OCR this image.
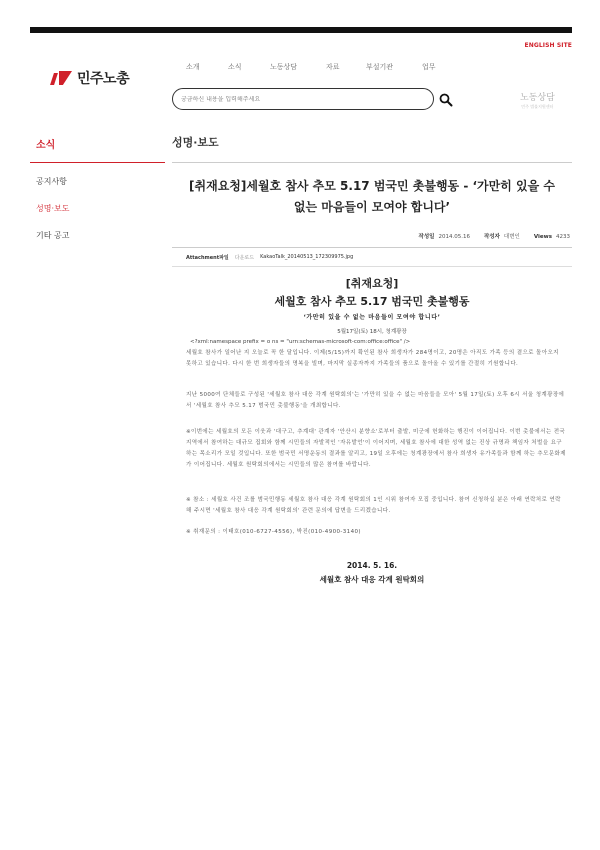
ENGLISH SITE
민주노총
소개	소식	노동상담	자료	부설기관	업무
궁금하신 내용을 입력해주세요
노동상담
민주 법률지원센터
소식
공지사항
성명·보도
기타 공고
성명·보도
[취재요청]세월호 참사 추모 5.17 범국민 촛불행동 - ‘가만히 있을 수 없는 마음들이 모여야 합니다’
작성일 2014.05.16	작성자 대변인	Views 4233
Attachment파일 다운로드 KakaoTalk_20140513_172309975.jpg
[취재요청]
세월호 참사 추모 5.17 범국민 촛불행동
‘가만히 있을 수 없는 마음들이 모여야 합니다’
5월17일(토) 18시, 청계광장
<?xml:namespace prefix = o ns = "urn:schemas-microsoft-com:office:office" />
세월호 참사가 일어난 지 오늘로 꼭 한 달입니다. 이제(5/15)까지 확인된 참사 희생자가 284명이고, 20명은 아직도 가족 등의 곁으로 돌아오지 못하고 있습니다. 다시 한 번 희생자들의 명복을 빌며, 마지막 실종자까지 가족들의 품으로 돌아올 수 있기를 간절히 기원합니다.
지난 5000여 단체들로 구성된 '세월호 참사 대응 각계 원탁회의'는 '가만히 있을 수 없는 마음들을 모아' 5월 17일(토) 오후 6시 서울 청계광장에서 '세월호 참사 추모 5.17 범국민 촛불행동'을 개최합니다.
※이번에는 세월호의 모든 이웃과 '대구고, 추계대' 관계자 '안산시 분향소'로부터 출발, 미군에 헌화하는 행진이 이어집니다. 이번 촛불에서는 전국 지역에서 참여하는 대규모 집회와 함께 시민들의 자발적인 '자유발언'이 이어지며, 세월호 참사에 대한 성역 없는 진상 규명과 책임자 처벌을 요구하는 목소리가 모일 것입니다. 또한 범국민 서명운동의 결과를 알리고, 19일 오후에는 청계광장에서 참사 희생자 유가족들과 함께 하는 추모문화제가 이어집니다. 세월호 원탁회의에서는 시민들의 많은 참여를 바랍니다.
※ 참소 : 세월호 사건 조를 범국민행동 세월호 참사 대응 각계 원탁회의 1인 시위 참여자 모집 중입니다. 참여 신청하실 분은 아래 연락처로 연락해 주시면 '세월호 참사 대응 각계 원탁회의' 관련 문의에 답변을 드리겠습니다.
※ 취재문의 : 이태호(010-6727-4556), 박진(010-4900-3140)
2014. 5. 16.
세월호 참사 대응 각계 원탁회의
